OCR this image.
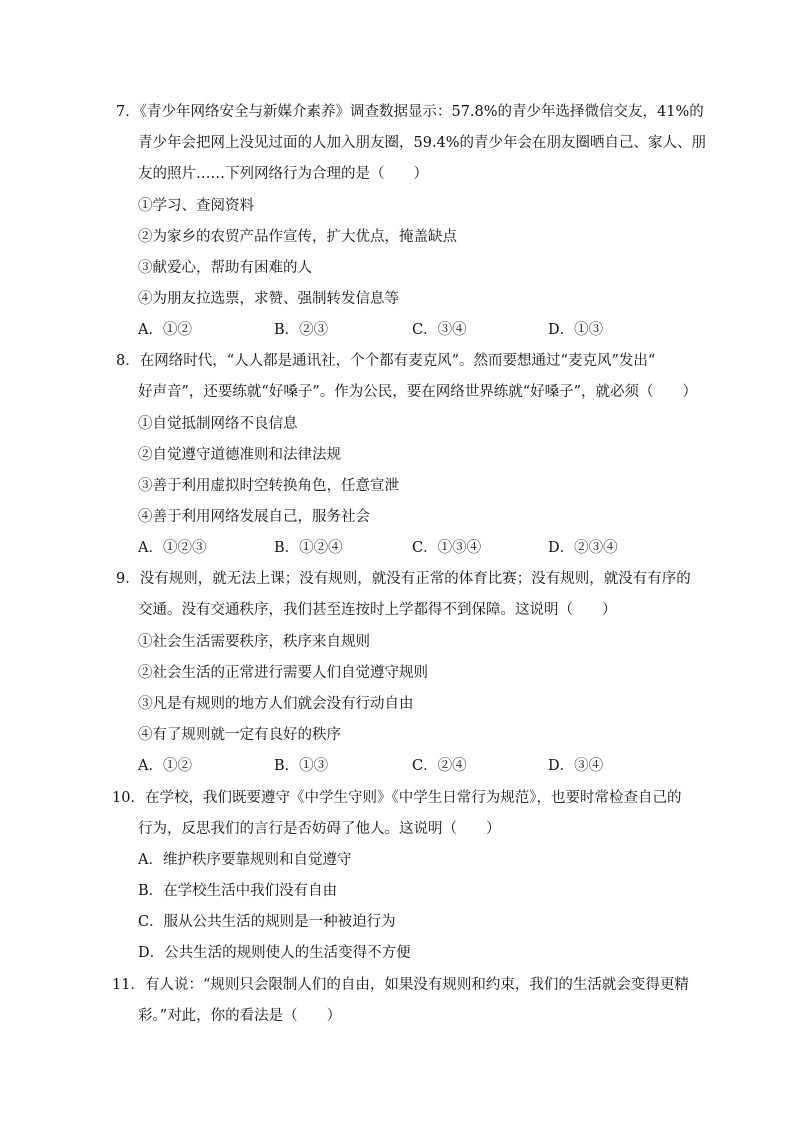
7．《青少年网络安全与新媒介素养》调查数据显示：57.8%的青少年选择微信交友，41%的
青少年会把网上没见过面的人加入朋友圈，59.4%的青少年会在朋友圈晒自己、家人、朋
友的照片……下列网络行为合理的是（　　）
①学习、查阅资料
②为家乡的农贸产品作宣传，扩大优点，掩盖缺点
③献爱心，帮助有困难的人
④为朋友拉选票，求赞、强制转发信息等
A．①②	B．②③	C．③④	D．①③
8．在网络时代，“人人都是通讯社，个个都有麦克风”。然而要想通过“麦克风”发出“
好声音”，还要练就“好嗓子”。作为公民，要在网络世界练就“好嗓子”，就必须（　　）
①自觉抵制网络不良信息
②自觉遵守道德准则和法律法规
③善于利用虚拟时空转换角色，任意宣泄
④善于利用网络发展自己，服务社会
A．①②③	B．①②④	C．①③④	D．②③④
9．没有规则，就无法上课；没有规则，就没有正常的体育比赛；没有规则，就没有有序的
交通。没有交通秩序，我们甚至连按时上学都得不到保障。这说明（　　）
①社会生活需要秩序，秩序来自规则
②社会生活的正常进行需要人们自觉遵守规则
③凡是有规则的地方人们就会没有行动自由
④有了规则就一定有良好的秩序
A．①②	B．①③	C．②④	D．③④
10．在学校，我们既要遵守《中学生守则》《中学生日常行为规范》，也要时常检查自己的
行为，反思我们的言行是否妨碍了他人。这说明（　　）
A．维护秩序要靠规则和自觉遵守
B．在学校生活中我们没有自由
C．服从公共生活的规则是一种被迫行为
D．公共生活的规则使人的生活变得不方便
11．有人说：“规则只会限制人们的自由，如果没有规则和约束，我们的生活就会变得更精
彩。”对此，你的看法是（　　）
